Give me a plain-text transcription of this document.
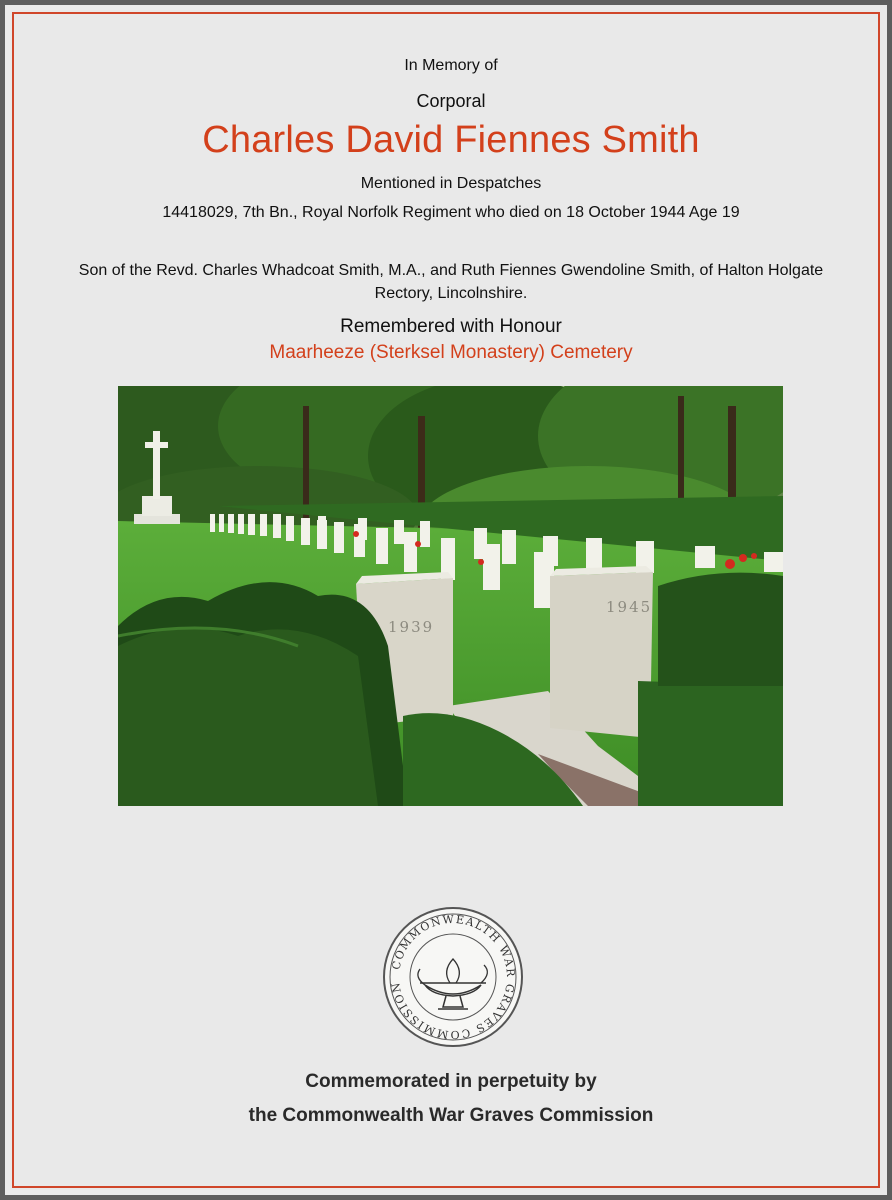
In Memory of
Corporal
Charles David Fiennes Smith
Mentioned in Despatches
14418029, 7th Bn., Royal Norfolk Regiment who died on 18 October 1944 Age 19
Son of the Revd. Charles Whadcoat Smith, M.A., and Ruth Fiennes Gwendoline Smith, of Halton Holgate
Rectory, Lincolnshire.
Remembered with Honour
Maarheeze (Sterksel Monastery) Cemetery
1939
1945
COMMONWEALTH WAR GRAVES COMMISSION
Commemorated in perpetuity by
the Commonwealth War Graves Commission
